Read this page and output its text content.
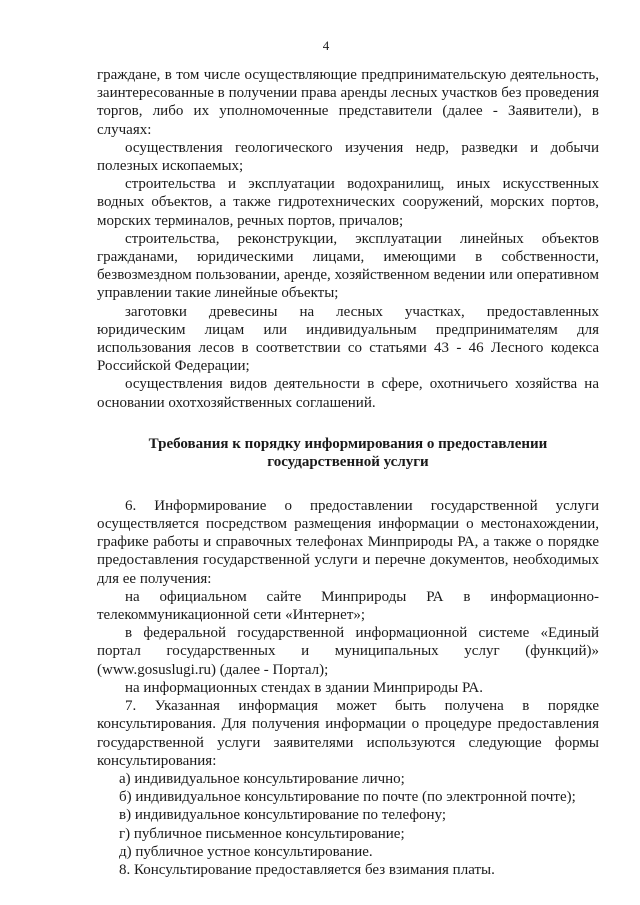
4

граждане, в том числе осуществляющие предпринимательскую деятельность, заинтересованные в получении права аренды лесных участков без проведения торгов, либо их уполномоченные представители (далее - Заявители), в случаях:

осуществления геологического изучения недр, разведки и добычи полезных ископаемых;

строительства и эксплуатации водохранилищ, иных искусственных водных объектов, а также гидротехнических сооружений, морских портов, морских терминалов, речных портов, причалов;

строительства, реконструкции, эксплуатации линейных объектов гражданами, юридическими лицами, имеющими в собственности, безвозмездном пользовании, аренде, хозяйственном ведении или оперативном управлении такие линейные объекты;

заготовки древесины на лесных участках, предоставленных юридическим лицам или индивидуальным предпринимателям для использования лесов в соответствии со статьями 43 - 46 Лесного кодекса Российской Федерации;

осуществления видов деятельности в сфере, охотничьего хозяйства на основании охотхозяйственных соглашений.

Требования к порядку информирования о предоставлении
государственной услуги

6. Информирование о предоставлении государственной услуги осуществляется посредством размещения информации о местонахождении, графике работы и справочных телефонах Минприроды РА, а также о порядке предоставления государственной услуги и перечне документов, необходимых для ее получения:

на официальном сайте Минприроды РА в информационно-телекоммуникационной сети «Интернет»;

в федеральной государственной информационной системе «Единый портал государственных и муниципальных услуг (функций)» (www.gosuslugi.ru) (далее - Портал);

на информационных стендах в здании Минприроды РА.

7. Указанная информация может быть получена в порядке консультирования. Для получения информации о процедуре предоставления государственной услуги заявителями используются следующие формы консультирования:

а) индивидуальное консультирование лично;

б) индивидуальное консультирование по почте (по электронной почте);

в) индивидуальное консультирование по телефону;

г) публичное письменное консультирование;

д) публичное устное консультирование.

8. Консультирование предоставляется без взимания платы.
